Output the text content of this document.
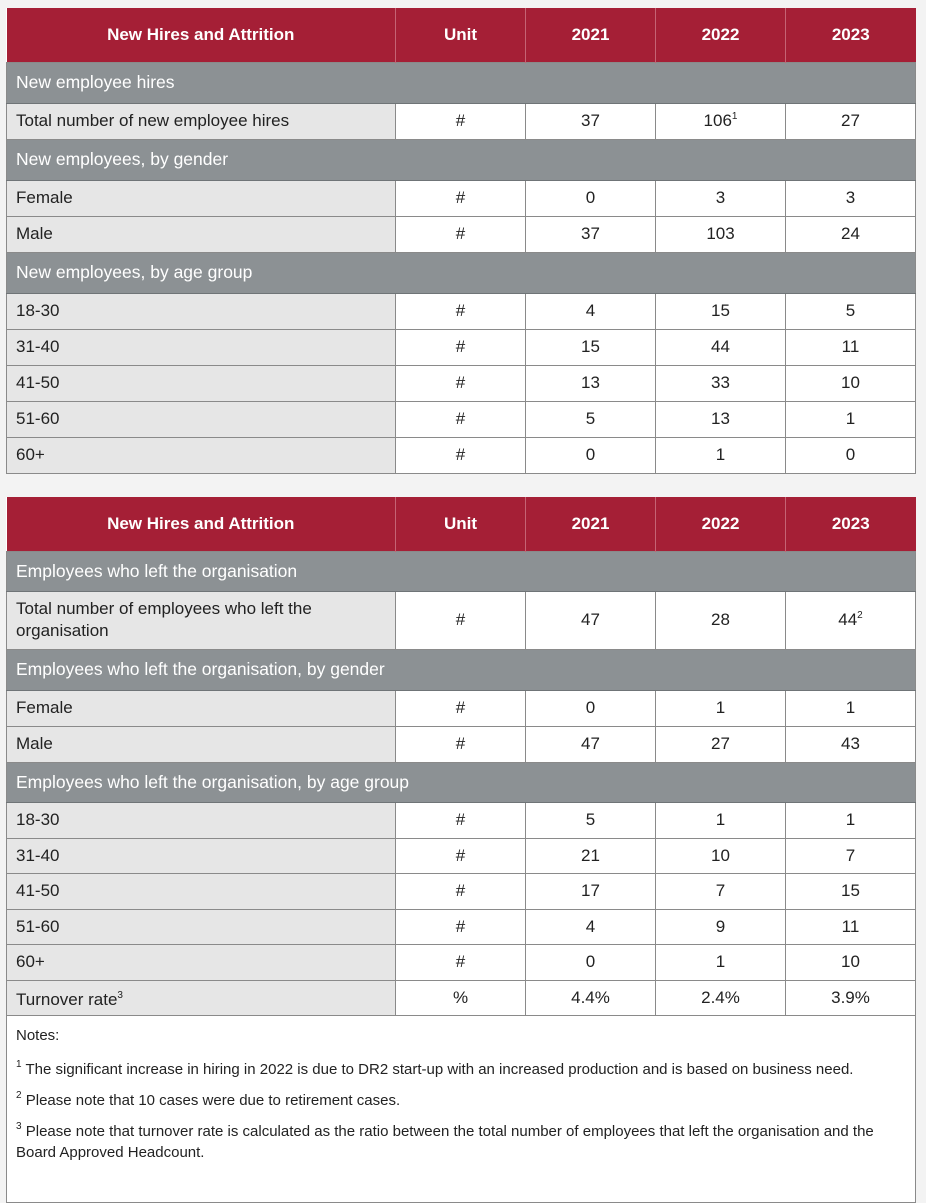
New Hires and Attrition	Unit	2021	2022	2023
New employee hires				
Total number of new employee hires	#	37	$106^1$	27
New employees, by gender				
Female	#	0	3	3
Male	#	37	103	24
New employees, by age group				
18-30	#	4	15	5
31-40	#	15	44	11
41-50	#	13	33	10
51-60	#	5	13	1
60+	#	0	1	0
New Hires and Attrition	Unit	2021	2022	2023
Employees who left the organisation				
Total number of employees who left the organisation	#	47	28	$44^2$
Employees who left the organisation, by gender				
Female	#	0	1	1
Male	#	47	27	43
Employees who left the organisation, by age group				
18-30	#	5	1	1
31-40	#	21	10	7
41-50	#	17	7	15
51-60	#	4	9	11
60+	#	0	1	10
Turnover rate$^3$	%	4.4%	2.4%	3.9%

Notes:

$^1$ The significant increase in hiring in 2022 is due to DR2 start-up with an increased production and is based on business need.

$^2$ Please note that 10 cases were due to retirement cases.

$^3$ Please note that turnover rate is calculated as the ratio between the total number of employees that left the organisation and the Board Approved Headcount.
